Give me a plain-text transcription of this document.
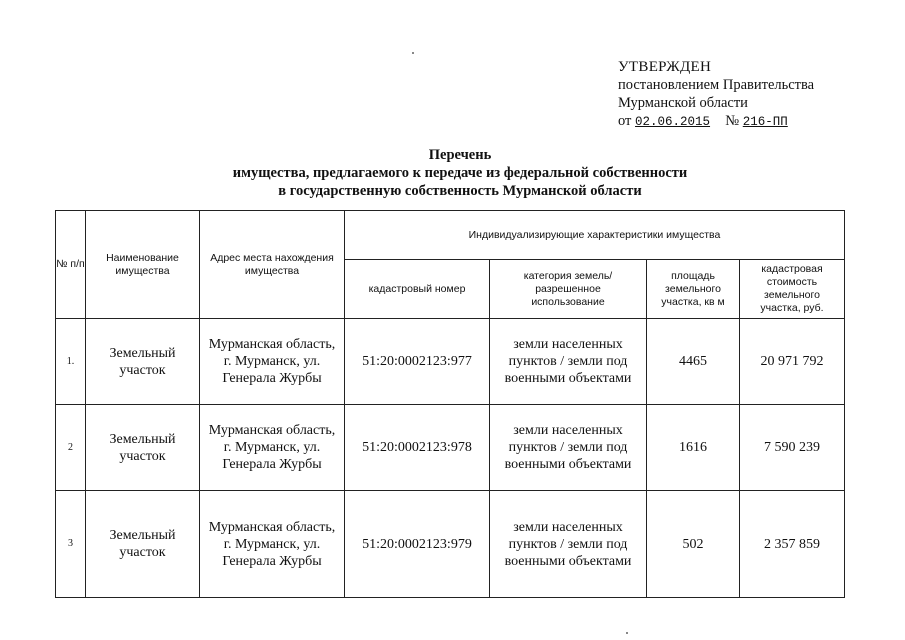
УТВЕРЖДЕН
постановлением Правительства
Мурманской области
от 02.06.2015 № 216-ПП
Перечень
имущества, предлагаемого к передаче из федеральной собственности
в государственную собственность Мурманской области
№ п/п	Наименование имущества	Адрес места нахождения имущества	Индивидуализирующие характеристики имущества			
			кадастровый номер	категория земель/ разрешенное использование	площадь земельного участка, кв м	кадастровая стоимость земельного участка, руб.
1.	Земельный участок	Мурманская область, г. Мурманск, ул. Генерала Журбы	51:20:0002123:977	земли населенных пунктов / земли под военными объектами	4465	20 971 792
2	Земельный участок	Мурманская область, г. Мурманск, ул. Генерала Журбы	51:20:0002123:978	земли населенных пунктов / земли под военными объектами	1616	7 590 239
3	Земельный участок	Мурманская область, г. Мурманск, ул. Генерала Журбы	51:20:0002123:979	земли населенных пунктов / земли под военными объектами	502	2 357 859
